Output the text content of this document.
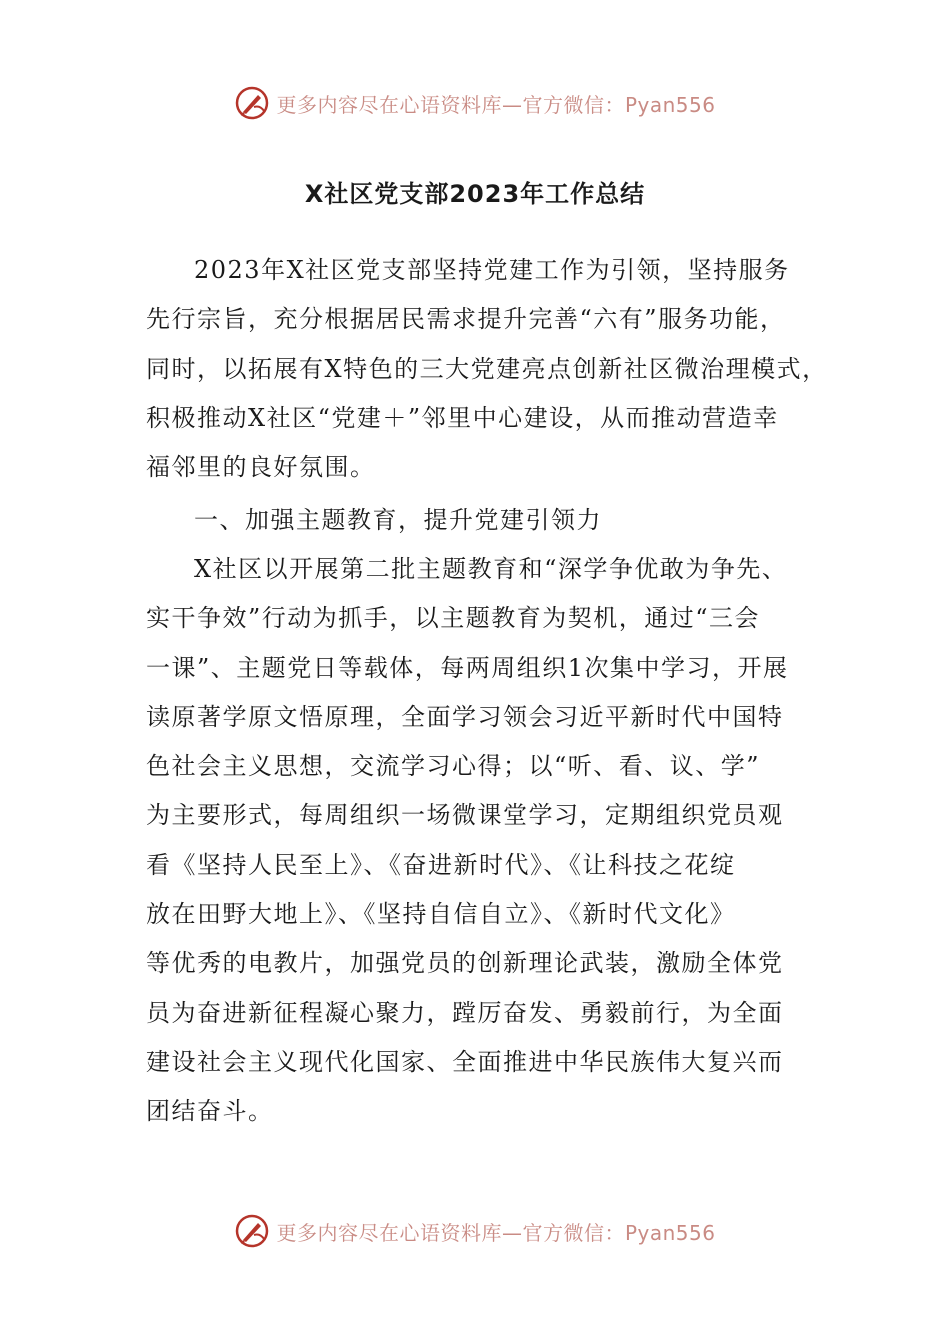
更多内容尽在心语资料库—官方微信：Pyan556
X社区党支部2023年工作总结
2023年X社区党支部坚持党建工作为引领，坚持服务
先行宗旨，充分根据居民需求提升完善“六有”服务功能，
同时，以拓展有X特色的三大党建亮点创新社区微治理模式，
积极推动X社区“党建＋”邻里中心建设，从而推动营造幸
福邻里的良好氛围。
一、加强主题教育，提升党建引领力
X社区以开展第二批主题教育和“深学争优敢为争先、
实干争效”行动为抓手，以主题教育为契机，通过“三会
一课”、主题党日等载体，每两周组织1次集中学习，开展
读原著学原文悟原理，全面学习领会习近平新时代中国特
色社会主义思想，交流学习心得；以“听、看、议、学”
为主要形式，每周组织一场微课堂学习，定期组织党员观
看《坚持人民至上》、《奋进新时代》、《让科技之花绽
放在田野大地上》、《坚持自信自立》、《新时代文化》
等优秀的电教片，加强党员的创新理论武装，激励全体党
员为奋进新征程凝心聚力，蹚厉奋发、勇毅前行，为全面
建设社会主义现代化国家、全面推进中华民族伟大复兴而
团结奋斗。
更多内容尽在心语资料库—官方微信：Pyan556
